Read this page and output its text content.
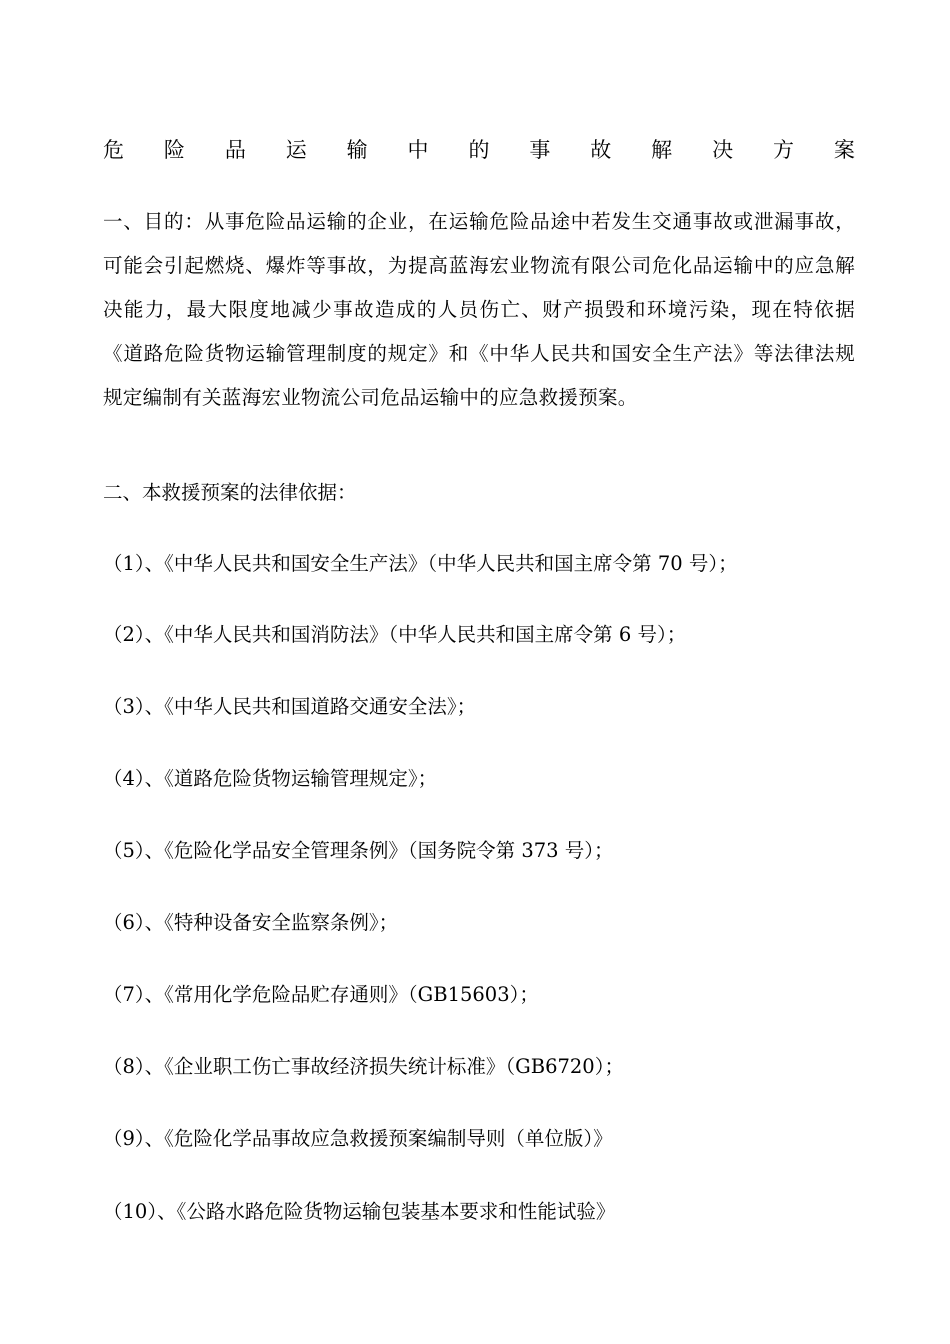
危 险 品 运 输 中 的 事 故 解 决 方 案

一、目的：从事危险品运输的企业，在运输危险品途中若发生交通事故或泄漏事故，可能会引起燃烧、爆炸等事故，为提高蓝海宏业物流有限公司危化品运输中的应急解决能力，最大限度地减少事故造成的人员伤亡、财产损毁和环境污染，现在特依据《道路危险货物运输管理制度的规定》和《中华人民共和国安全生产法》等法律法规规定编制有关蓝海宏业物流公司危品运输中的应急救援预案。

二、本救援预案的法律依据：

（1）、《中华人民共和国安全生产法》（中华人民共和国主席令第 70 号）；

（2）、《中华人民共和国消防法》（中华人民共和国主席令第 6 号）；

（3）、《中华人民共和国道路交通安全法》；

（4）、《道路危险货物运输管理规定》；

（5）、《危险化学品安全管理条例》（国务院令第 373 号）；

（6）、《特种设备安全监察条例》；

（7）、《常用化学危险品贮存通则》（GB15603）；

（8）、《企业职工伤亡事故经济损失统计标准》（GB6720）；

（9）、《危险化学品事故应急救援预案编制导则（单位版）》

（10）、《公路水路危险货物运输包装基本要求和性能试验》
